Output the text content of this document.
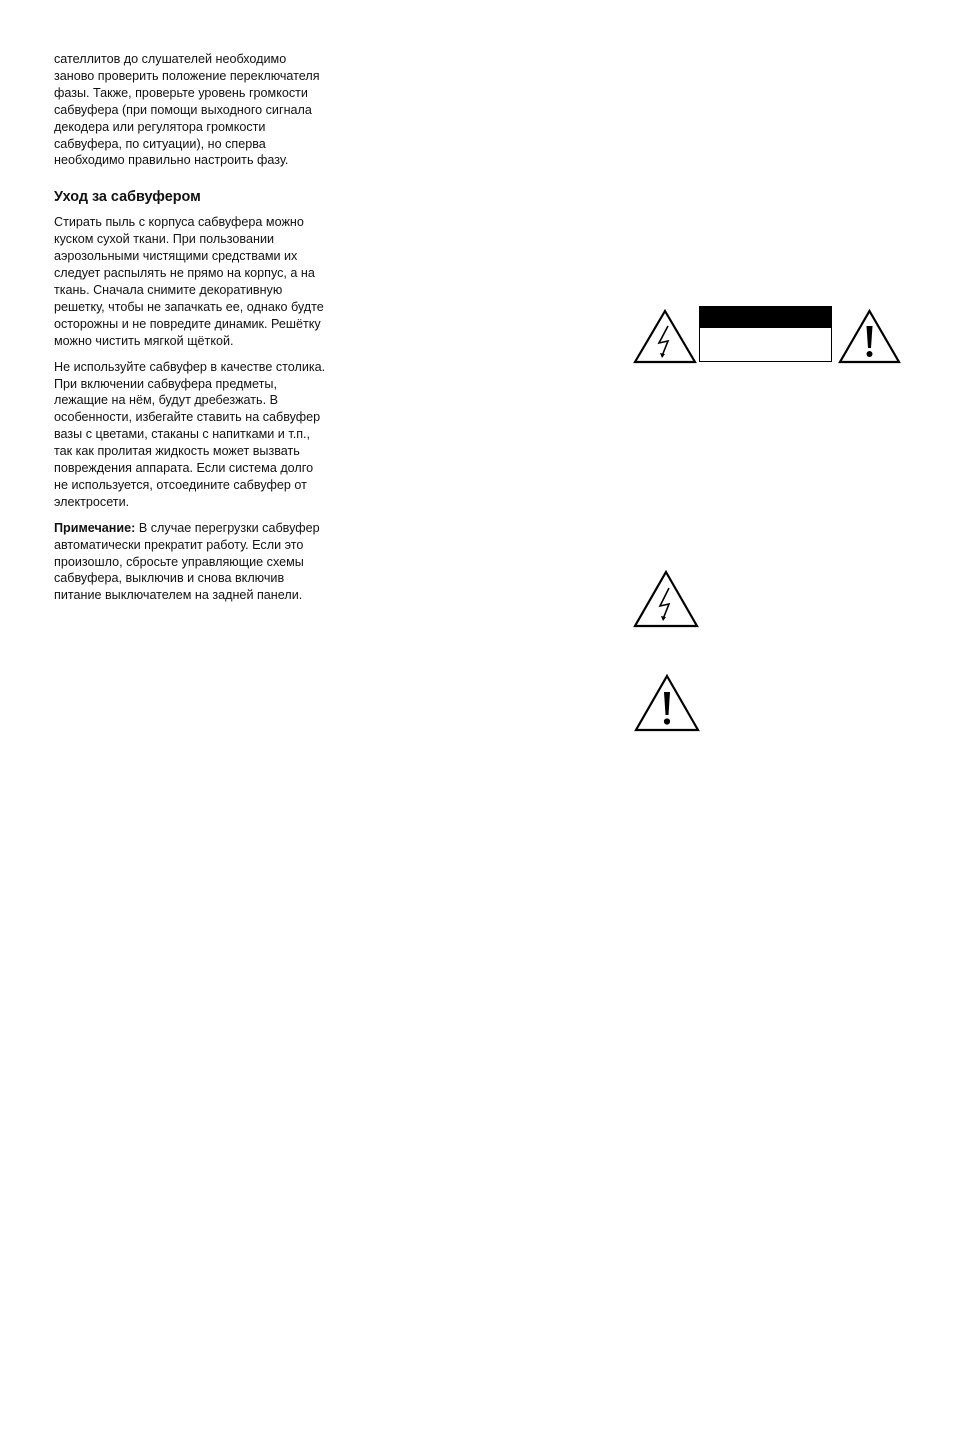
сателлитов до слушателей необходимо заново проверить положение переключателя фазы. Также, проверьте уровень громкости сабвуфера (при помощи выходного сигнала декодера или регулятора громкости сабвуфера, по ситуации), но сперва необходимо правильно настроить фазу.

Уход за сабвуфером

Стирать пыль с корпуса сабвуфера можно куском сухой ткани. При пользовании аэрозольными чистящими средствами их следует распылять не прямо на корпус, а на ткань. Сначала снимите декоративную решетку, чтобы не запачкать ее, однако будте осторожны и не повредите динамик. Решётку можно чистить мягкой щёткой.

Не используйте сабвуфер в качестве столика. При включении сабвуфера предметы, лежащие на нём, будут дребезжать. В особенности, избегайте ставить на сабвуфер вазы с цветами, стаканы с напитками и т.п., так как пролитая жидкость может вызвать повреждения аппарата. Если система долго не используется, отсоедините сабвуфер от электросети.

Примечание: В случае перегрузки сабвуфер автоматически прекратит работу. Если это произошло, сбросьте управляющие схемы сабвуфера, выключив и снова включив питание выключателем на задней панели.
